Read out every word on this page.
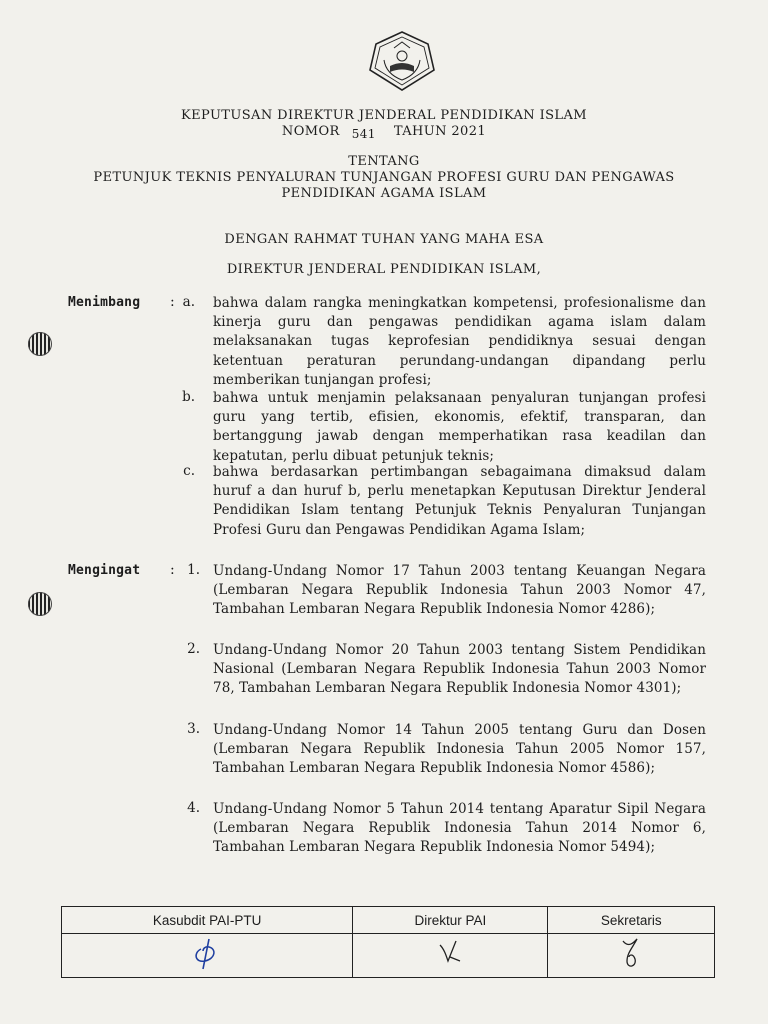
KEPUTUSAN DIREKTUR JENDERAL PENDIDIKAN ISLAM
NOMOR 541 TAHUN 2021
TENTANG
PETUNJUK TEKNIS PENYALURAN TUNJANGAN PROFESI GURU DAN PENGAWAS
PENDIDIKAN AGAMA ISLAM
DENGAN RAHMAT TUHAN YANG MAHA ESA
DIREKTUR JENDERAL PENDIDIKAN ISLAM,
Menimbang : a. bahwa dalam rangka meningkatkan kompetensi, profesionalisme dan kinerja guru dan pengawas pendidikan agama islam dalam melaksanakan tugas keprofesian pendidiknya sesuai dengan ketentuan peraturan perundang-undangan dipandang perlu memberikan tunjangan profesi;
b. bahwa untuk menjamin pelaksanaan penyaluran tunjangan profesi guru yang tertib, efisien, ekonomis, efektif, transparan, dan bertanggung jawab dengan memperhatikan rasa keadilan dan kepatutan, perlu dibuat petunjuk teknis;
c. bahwa berdasarkan pertimbangan sebagaimana dimaksud dalam huruf a dan huruf b, perlu menetapkan Keputusan Direktur Jenderal Pendidikan Islam tentang Petunjuk Teknis Penyaluran Tunjangan Profesi Guru dan Pengawas Pendidikan Agama Islam;
Mengingat : 1. Undang-Undang Nomor 17 Tahun 2003 tentang Keuangan Negara (Lembaran Negara Republik Indonesia Tahun 2003 Nomor 47, Tambahan Lembaran Negara Republik Indonesia Nomor 4286);
2. Undang-Undang Nomor 20 Tahun 2003 tentang Sistem Pendidikan Nasional (Lembaran Negara Republik Indonesia Tahun 2003 Nomor 78, Tambahan Lembaran Negara Republik Indonesia Nomor 4301);
3. Undang-Undang Nomor 14 Tahun 2005 tentang Guru dan Dosen (Lembaran Negara Republik Indonesia Tahun 2005 Nomor 157, Tambahan Lembaran Negara Republik Indonesia Nomor 4586);
4. Undang-Undang Nomor 5 Tahun 2014 tentang Aparatur Sipil Negara (Lembaran Negara Republik Indonesia Tahun 2014 Nomor 6, Tambahan Lembaran Negara Republik Indonesia Nomor 5494);
Kasubdit PAI-PTU	Direktur PAI	Sekretaris
